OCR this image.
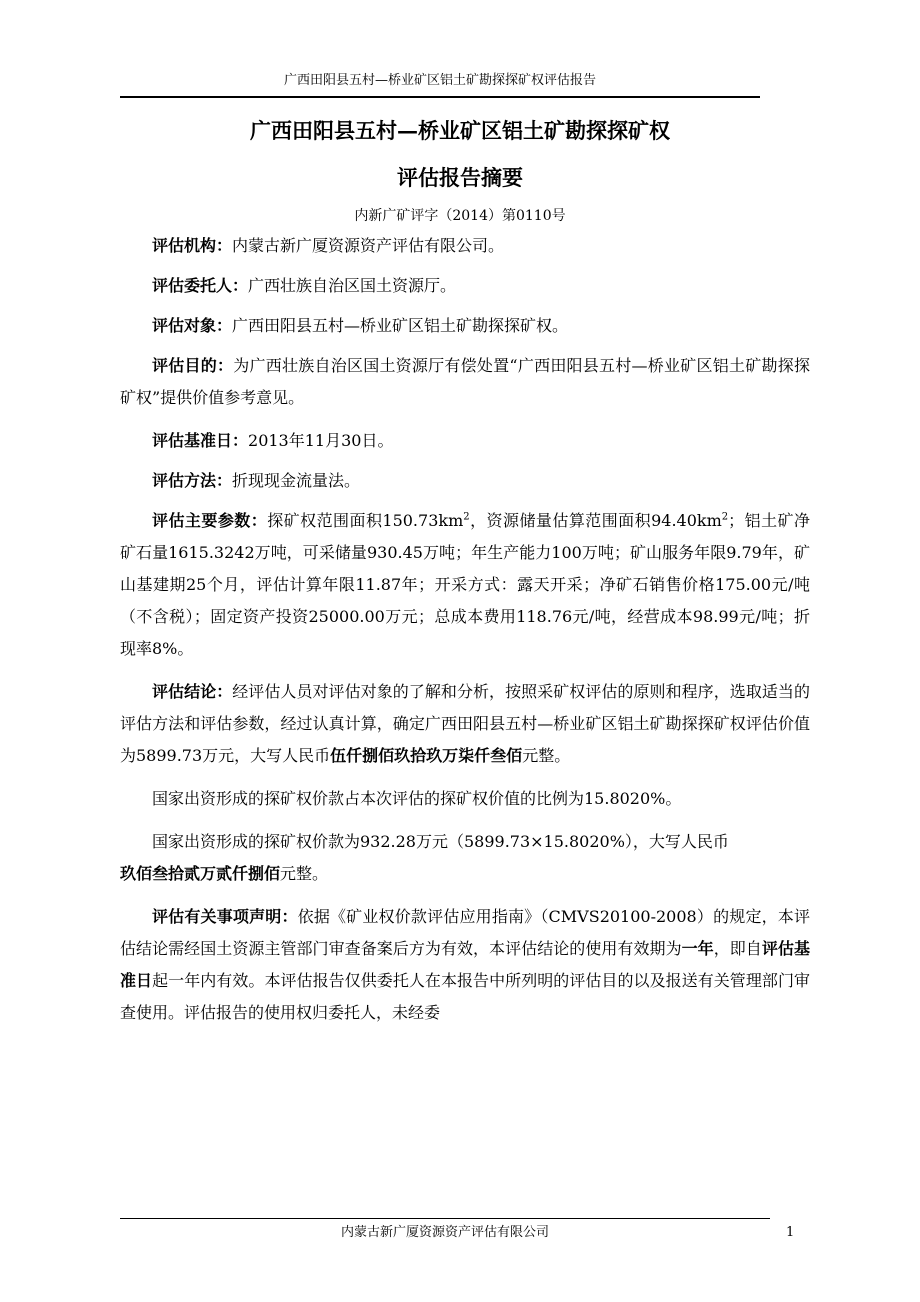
广西田阳县五村—桥业矿区铝土矿勘探探矿权评估报告
广西田阳县五村—桥业矿区铝土矿勘探探矿权
评估报告摘要
内新广矿评字（2014）第0110号

评估机构：内蒙古新广厦资源资产评估有限公司。

评估委托人：广西壮族自治区国土资源厅。

评估对象：广西田阳县五村—桥业矿区铝土矿勘探探矿权。

评估目的：为广西壮族自治区国土资源厅有偿处置“广西田阳县五村—桥业矿区铝土矿勘探探矿权”提供价值参考意见。

评估基准日：2013年11月30日。

评估方法：折现现金流量法。

评估主要参数：探矿权范围面积$150.73km^2$，资源储量估算范围面积$94.40km^2$；铝土矿净矿石量1615.3242万吨，可采储量930.45万吨；年生产能力100万吨；矿山服务年限9.79年，矿山基建期25个月，评估计算年限11.87年；开采方式：露天开采；净矿石销售价格175.00元/吨（不含税）；固定资产投资25000.00万元；总成本费用118.76元/吨，经营成本98.99元/吨；折现率8%。

评估结论：经评估人员对评估对象的了解和分析，按照采矿权评估的原则和程序，选取适当的评估方法和评估参数，经过认真计算，确定广西田阳县五村—桥业矿区铝土矿勘探探矿权评估价值为5899.73万元，大写人民币伍仟捌佰玖拾玖万柒仟叁佰元整。

国家出资形成的探矿权价款占本次评估的探矿权价值的比例为15.8020%。

国家出资形成的探矿权价款为932.28万元（5899.73×15.8020%），大写人民币
玖佰叁拾贰万贰仟捌佰元整。

评估有关事项声明：依据《矿业权价款评估应用指南》（CMVS20100-2008）的规定，本评估结论需经国土资源主管部门审查备案后方为有效，本评估结论的使用有效期为一年，即自评估基准日起一年内有效。本评估报告仅供委托人在本报告中所列明的评估目的以及报送有关管理部门审查使用。评估报告的使用权归委托人，未经委

内蒙古新广厦资源资产评估有限公司	1
